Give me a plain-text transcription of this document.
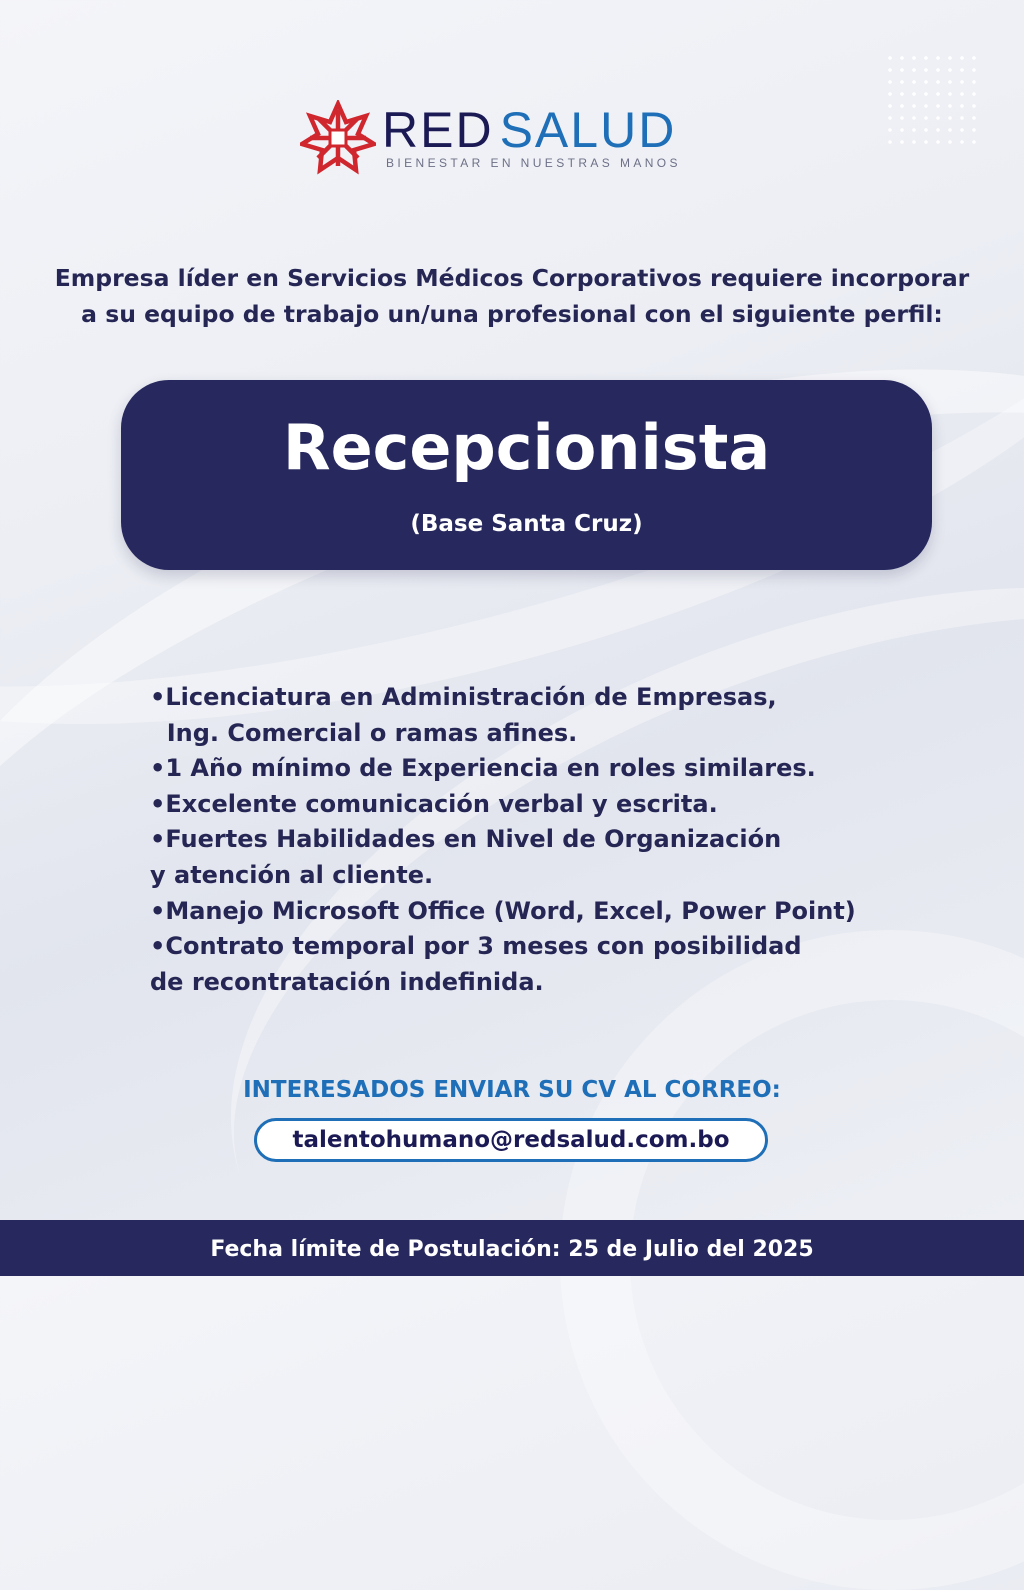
RED SALUD
BIENESTAR EN NUESTRAS MANOS

Empresa líder en Servicios Médicos Corporativos requiere incorporar
a su equipo de trabajo un/una profesional con el siguiente perfil:

Recepcionista
(Base Santa Cruz)
•Licenciatura en Administración de Empresas,
Ing. Comercial o ramas afines.
•1 Año mínimo de Experiencia en roles similares.
•Excelente comunicación verbal y escrita.
•Fuertes Habilidades en Nivel de Organización
y atención al cliente.
•Manejo Microsoft Office (Word, Excel, Power Point)
•Contrato temporal por 3 meses con posibilidad
de recontratación indefinida.
INTERESADOS ENVIAR SU CV AL CORREO:
talentohumano@redsalud.com.bo
Fecha límite de Postulación: 25 de Julio del 2025
